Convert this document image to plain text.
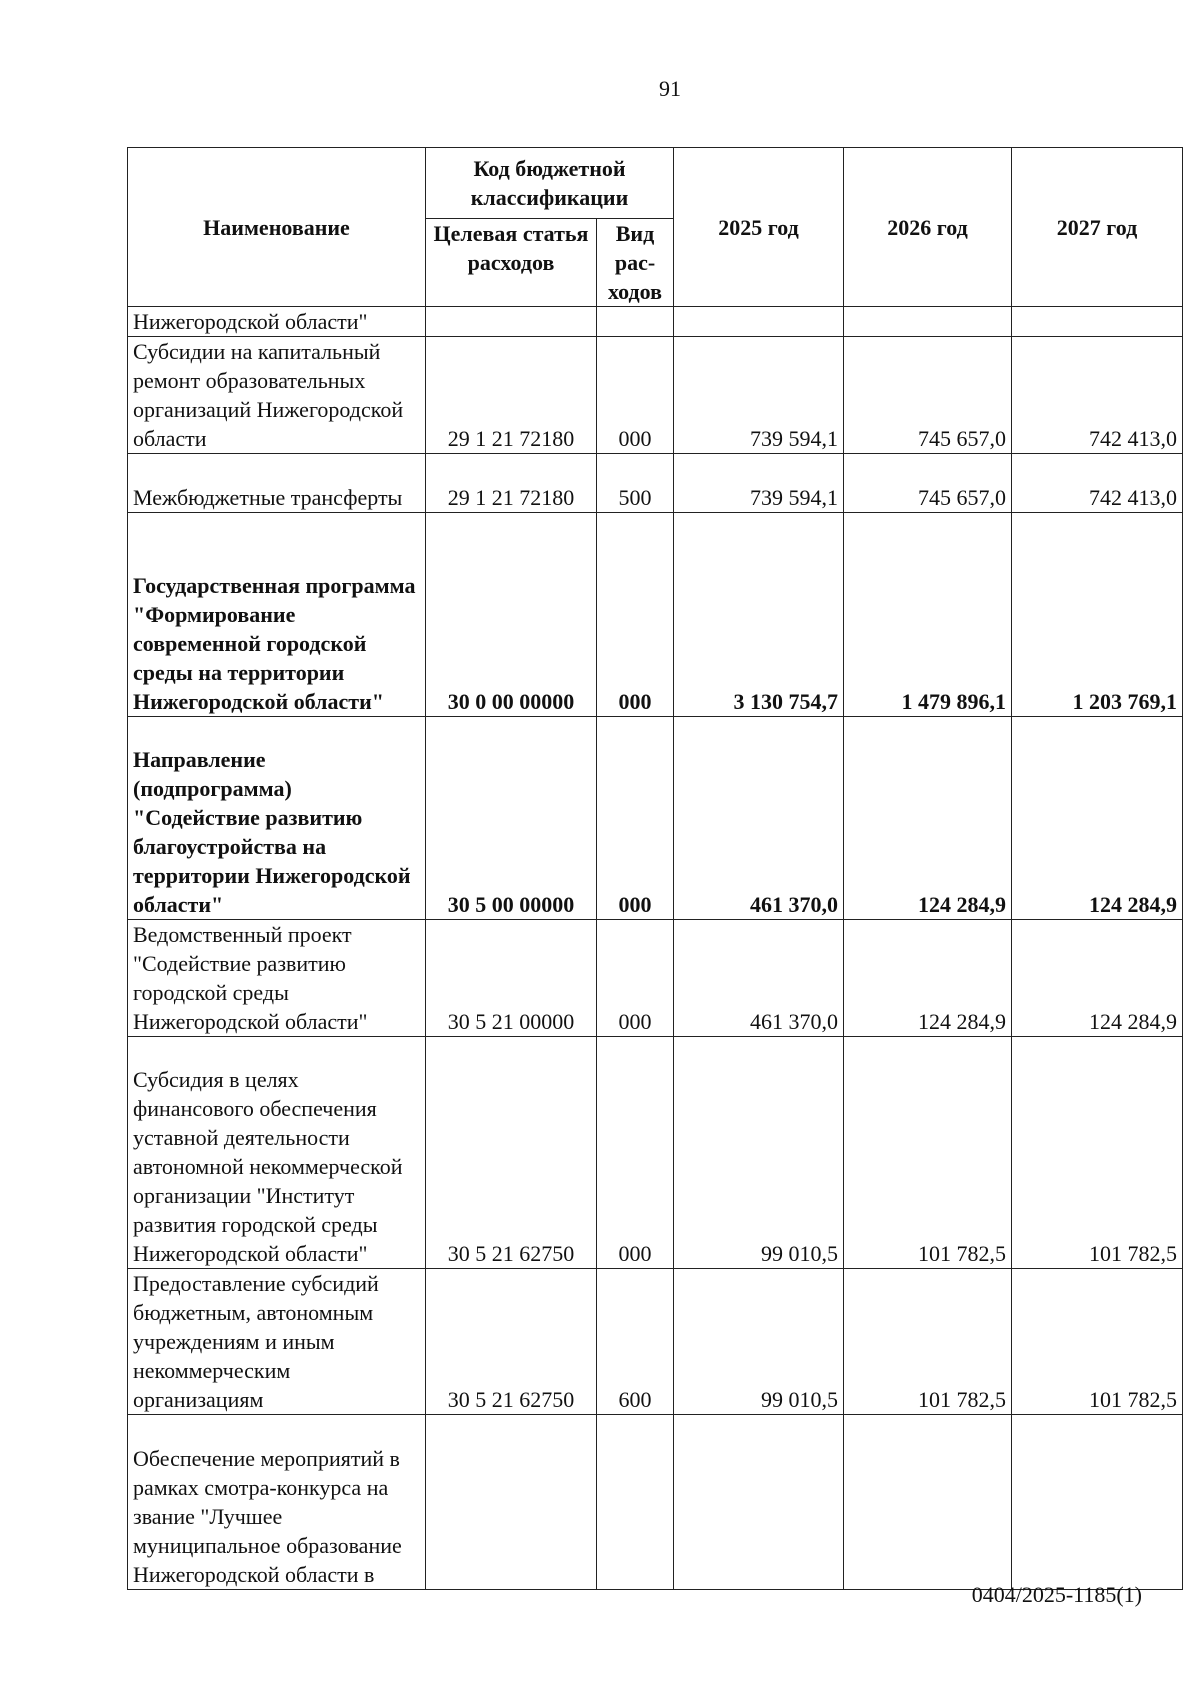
91
Наименование	Код бюджетной классификации		2025 год	2026 год	2027 год
	Целевая статья расходов	Вид рас-ходов			
Нижегородской области"					
Субсидии на капитальный ремонт образовательных организаций Нижегородской области	29 1 21 72180	000	739 594,1	745 657,0	742 413,0
Межбюджетные трансферты	29 1 21 72180	500	739 594,1	745 657,0	742 413,0
Государственная программа "Формирование современной городской среды на территории Нижегородской области"	30 0 00 00000	000	3 130 754,7	1 479 896,1	1 203 769,1
Направление (подпрограмма) "Содействие развитию благоустройства на территории Нижегородской области"	30 5 00 00000	000	461 370,0	124 284,9	124 284,9
Ведомственный проект "Содействие развитию городской среды Нижегородской области"	30 5 21 00000	000	461 370,0	124 284,9	124 284,9
Субсидия в целях финансового обеспечения уставной деятельности автономной некоммерческой организации "Институт развития городской среды Нижегородской области"	30 5 21 62750	000	99 010,5	101 782,5	101 782,5
Предоставление субсидий бюджетным, автономным учреждениям и иным некоммерческим организациям	30 5 21 62750	600	99 010,5	101 782,5	101 782,5
Обеспечение мероприятий в рамках смотра-конкурса на звание "Лучшее муниципальное образование Нижегородской области в					
0404/2025-1185(1)
